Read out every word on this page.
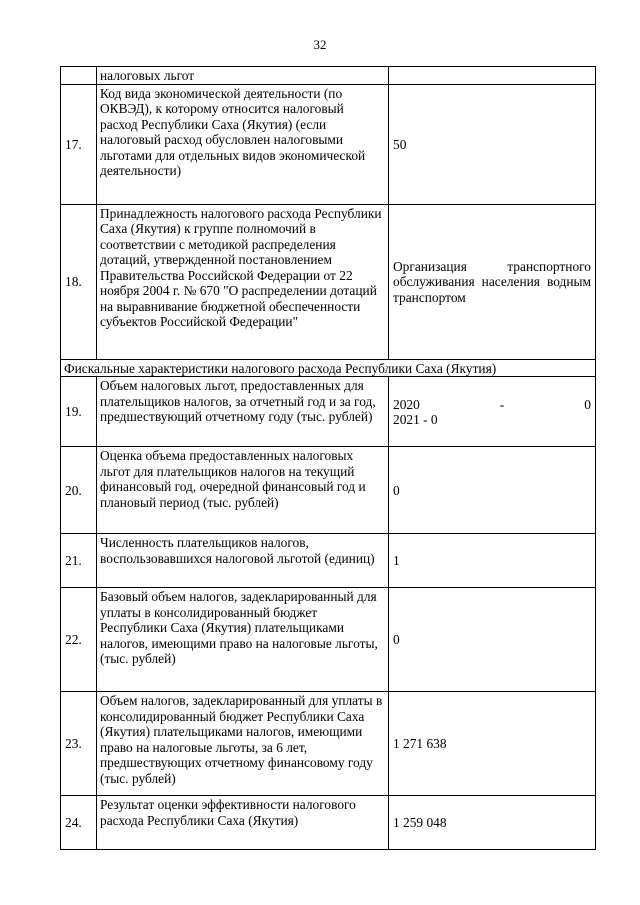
32
	налоговых льгот	
17.	Код вида экономической деятельности (по ОКВЭД), к которому относится налоговый расход Республики Саха (Якутия) (если налоговый расход обусловлен налоговыми льготами для отдельных видов экономической деятельности)	50
18.	Принадлежность налогового расхода Республики Саха (Якутия) к группе полномочий в соответствии с методикой распределения дотаций, утвержденной постановлением Правительства Российской Федерации от 22 ноября 2004 г. № 670 "О распределении дотаций на выравнивание бюджетной обеспеченности субъектов Российской Федерации"	Организация транспортного обслуживания населения водным транспортом
Фискальные характеристики налогового расхода Республики Саха (Якутия)		
19.	Объем налоговых льгот, предоставленных для плательщиков налогов, за отчетный год и за год, предшествующий отчетному году (тыс. рублей)	2020 - 0
2021 - 0

20.	Оценка объема предоставленных налоговых льгот для плательщиков налогов на текущий финансовый год, очередной финансовый год и плановый период (тыс. рублей)	0
21.	Численность плательщиков налогов, воспользовавшихся налоговой льготой (единиц)	1
22.	Базовый объем налогов, задекларированный для уплаты в консолидированный бюджет Республики Саха (Якутия) плательщиками налогов, имеющими право на налоговые льготы, (тыс. рублей)	0
23.	Объем налогов, задекларированный для уплаты в консолидированный бюджет Республики Саха (Якутия) плательщиками налогов, имеющими право на налоговые льготы, за 6 лет, предшествующих отчетному финансовому году (тыс. рублей)	1 271 638
24.	Результат оценки эффективности налогового расхода Республики Саха (Якутия)	1 259 048
